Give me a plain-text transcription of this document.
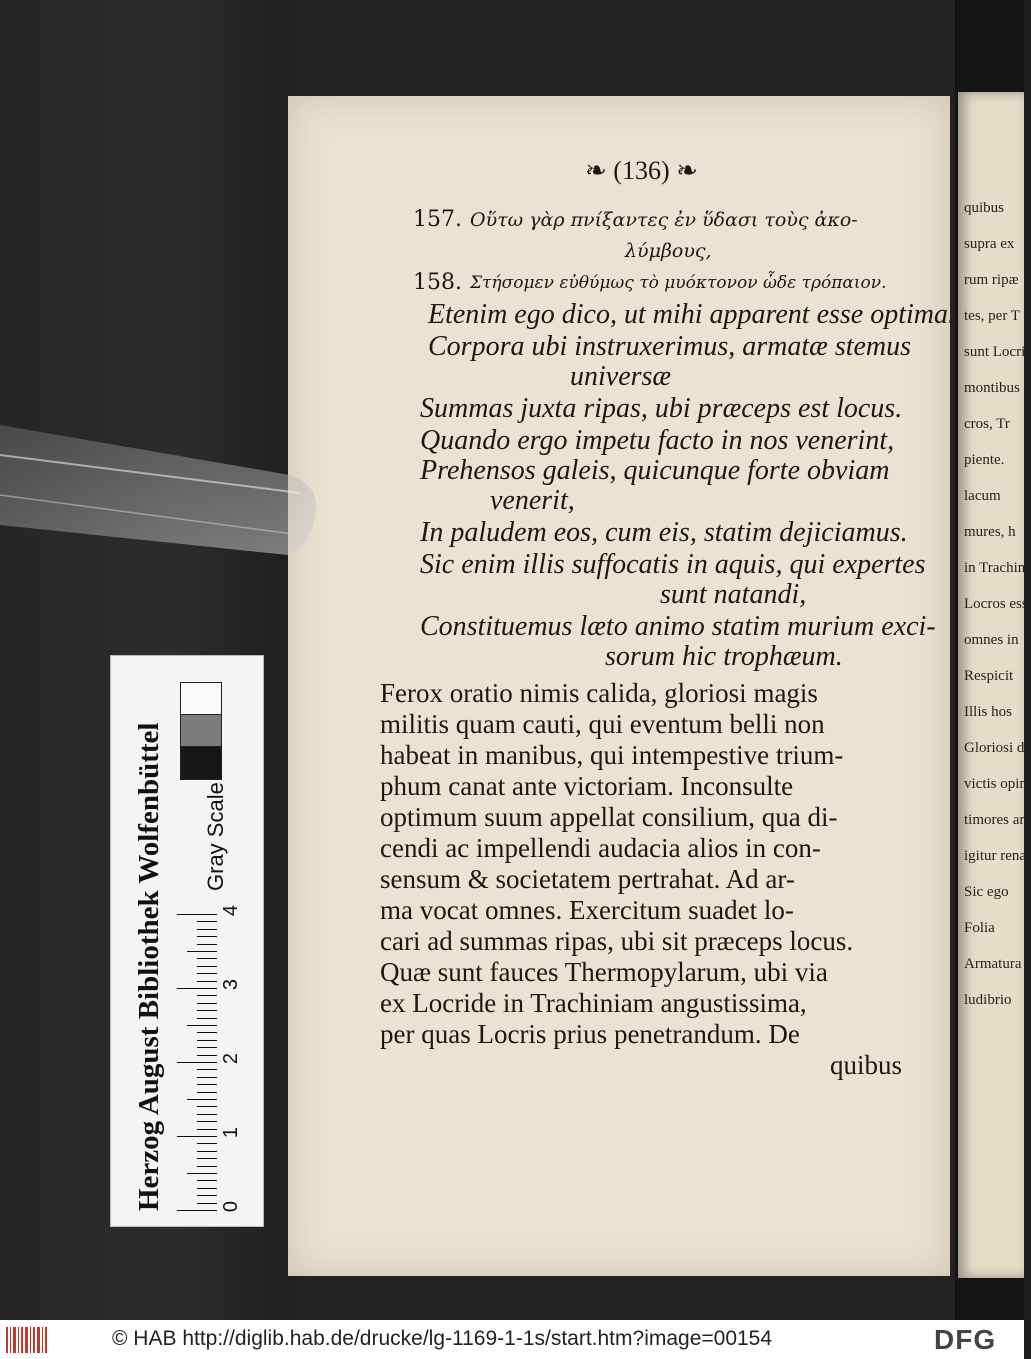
quibus
supra ex
rum ripæ
tes, per T
sunt Locri
montibus
cros, Tr
piente.
lacum
mures, h
in Trachin
Locros ess
omnes in
Respicit
Illis hos
Gloriosi d
victis opin
timores ar
igitur renar
Sic ego
Folia
Armatura
ludibrio
Herzog August Bibliothek Wolfenbüttel Gray Scale
0
1
2
3
4
❧ (136) ❧
157. Οὕτω γὰρ πνίξαντες ἐν ὕδασι τοὺς ἀκο-
λύμβους,
158. Στήσομεν εὐθύμως τὸ μυόκτονον ὧδε τρόπαιον.
Etenim ego dico, ut mihi apparent esse optima.
Corpora ubi instruxerimus, armatæ stemus
universæ
Summas juxta ripas, ubi præceps est locus.
Quando ergo impetu facto in nos venerint,
Prehensos galeis, quicunque forte obviam
venerit,
In paludem eos, cum eis, statim dejiciamus.
Sic enim illis suffocatis in aquis, qui expertes
sunt natandi,
Constituemus læto animo statim murium exci-
sorum hic trophæum.
Ferox oratio nimis calida, gloriosi magis
militis quam cauti, qui eventum belli non
habeat in manibus, qui intempestive trium-
phum canat ante victoriam. Inconsulte
optimum suum appellat consilium, qua di-
cendi ac impellendi audacia alios in con-
sensum & societatem pertrahat. Ad ar-
ma vocat omnes. Exercitum suadet lo-
cari ad summas ripas, ubi sit præceps locus.
Quæ sunt fauces Thermopylarum, ubi via
ex Locride in Trachiniam angustissima,
per quas Locris prius penetrandum. De
quibus
© HAB http://diglib.hab.de/drucke/lg-1169-1-1s/start.htm?image=00154	DFG
